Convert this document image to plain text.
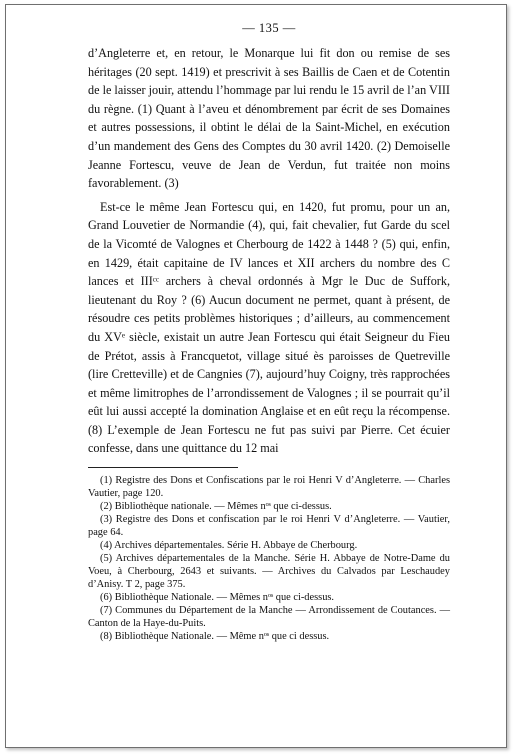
— 135 —

d’Angleterre et, en retour, le Monarque lui fit don ou remise de ses héritages (20 sept. 1419) et prescrivit à ses Baillis de Caen et de Cotentin de le laisser jouir, attendu l’hommage par lui rendu le 15 avril de l’an VIII du règne. (1) Quant à l’aveu et dénombrement par écrit de ses Domaines et autres possessions, il obtint le délai de la Saint-Michel, en exécution d’un mandement des Gens des Comptes du 30 avril 1420. (2) Demoiselle Jeanne Fortescu, veuve de Jean de Verdun, fut traitée non moins favorablement. (3)

Est-ce le même Jean Fortescu qui, en 1420, fut promu, pour un an, Grand Louvetier de Normandie (4), qui, fait chevalier, fut Garde du scel de la Vicomté de Valognes et Cherbourg de 1422 à 1448 ? (5) qui, enfin, en 1429, était capitaine de IV lances et XII archers du nombre des C lances et IIIᶜᶜ archers à cheval ordonnés à Mgr le Duc de Suffork, lieutenant du Roy ? (6) Aucun document ne permet, quant à présent, de résoudre ces petits problèmes historiques ; d’ailleurs, au commencement du XVᵉ siècle, existait un autre Jean Fortescu qui était Seigneur du Fieu de Prétot, assis à Francquetot, village situé ès paroisses de Quetreville (lire Cretteville) et de Cangnies (7), aujourd’huy Coigny, très rapprochées et même limitrophes de l’arrondissement de Valognes ; il se pourrait qu’il eût lui aussi accepté la domination Anglaise et en eût reçu la récompense. (8) L’exemple de Jean Fortescu ne fut pas suivi par Pierre. Cet écuier confesse, dans une quittance du 12 mai

(1) Registre des Dons et Confiscations par le roi Henri V d’Angleterre. — Charles Vautier, page 120.

(2) Bibliothèque nationale. — Mêmes nᵒˢ que ci-dessus.

(3) Registre des Dons et confiscation par le roi Henri V d’Angleterre. — Vautier, page 64.

(4) Archives départementales. Série H. Abbaye de Cherbourg.

(5) Archives départementales de la Manche. Série H. Abbaye de Notre-Dame du Voeu, à Cherbourg, 2643 et suivants. — Archives du Calvados par Leschaudey d’Anisy. T 2, page 375.

(6) Bibliothèque Nationale. — Mêmes nᵒˢ que ci-dessus.

(7) Communes du Département de la Manche — Arrondissement de Coutances. — Canton de la Haye-du-Puits.

(8) Bibliothèque Nationale. — Même nᵒˢ que ci dessus.
